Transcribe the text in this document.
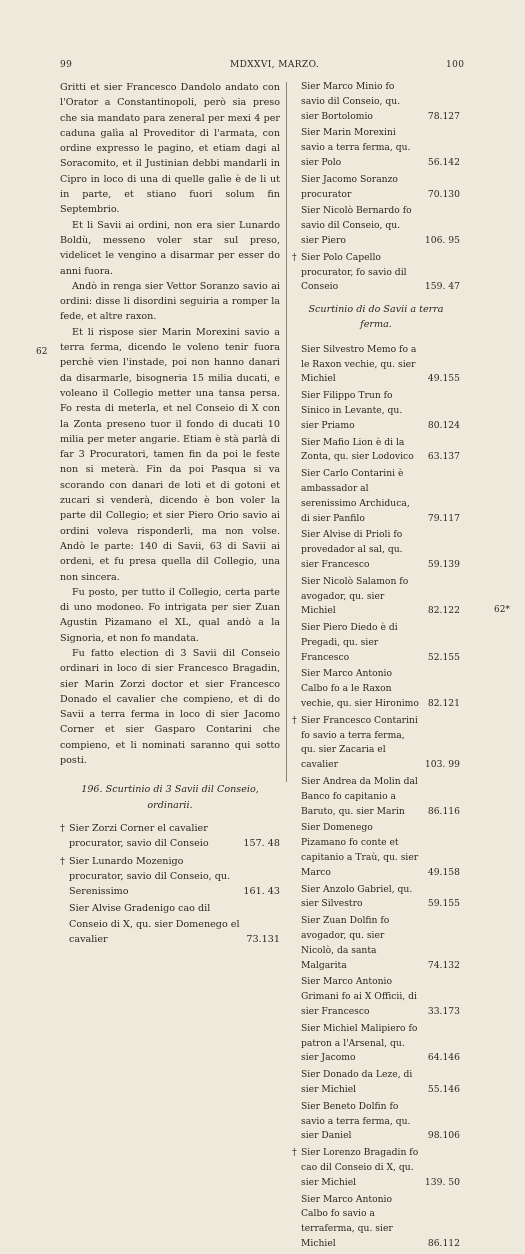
99	MDXXVI, MARZO.	100
62
62*

Gritti et sier Francesco Dandolo andato con l'Orator a Constantinopoli, però sia preso che sia mandato para zeneral per mexi 4 per caduna galìa al Proveditor di l'armata, con ordine expresso le pagino, et etiam dagi al Soracomito, et il Justinian debbi mandarli in Cipro in loco di una di quelle galìe è de li ut in parte, et stiano fuori solum fin Septembrio.

Et li Savii ai ordini, non era sier Lunardo Boldù, messeno voler star sul preso, videlicet le vengino a disarmar per esser do anni fuora.

Andò in renga sier Vettor Soranzo savio ai ordini: disse li disordini seguiria a romper la fede, et altre raxon.

Et li rispose sier Marin Morexini savio a terra ferma, dicendo le voleno tenir fuora perchè vien l'instade, poi non hanno danari da disarmarle, bisogneria 15 milia ducati, e voleano il Collegio metter una tansa persa. Fo resta di meterla, et nel Conseio di X con la Zonta preseno tuor il fondo di ducati 10 milia per meter angarie. Etiam è stà parlà di far 3 Procuratori, tamen fin da poi le feste non si meterà. Fin da poi Pasqua si va scorando con danari de loti et di gotoni et zucari si venderà, dicendo è bon voler la parte dil Collegio; et sier Piero Orio savio ai ordini voleva risponderli, ma non volse. Andò le parte: 140 di Savii, 63 di Savii ai ordeni, et fu presa quella dil Collegio, una non sincera.

Fu posto, per tutto il Collegio, certa parte di uno modoneo. Fo intrigata per sier Zuan Agustin Pizamano el XL, qual andò a la Signoria, et non fo mandata.

Fu fatto election di 3 Savii dil Conseio ordinari in loco di sier Francesco Bragadin, sier Marin Zorzi doctor et sier Francesco Donado el cavalier che compieno, et di do Savii a terra ferma in loco di sier Jacomo Corner et sier Gasparo Contarini che compieno, et li nominati saranno qui sotto posti.

196. Scurtinio di 3 Savii dil Conseio, ordinarii.
† Sier Zorzi Corner el cavalier procurator, savio dil Conseio	157. 48
† Sier Lunardo Mozenigo procurator, savio dil Conseio, qu. Serenissimo	161. 43
Sier Alvise Gradenigo cao dil Conseio di X, qu. sier Domenego el cavalier	73.131
Sier Marco Minio fo savio dil Conseio, qu. sier Bortolomio	78.127
Sier Marin Morexini savio a terra ferma, qu. sier Polo	56.142
Sier Jacomo Soranzo procurator	70.130
Sier Nicolò Bernardo fo savio dil Conseio, qu. sier Piero	106. 95
† Sier Polo Capello procurator, fo savio dil Conseio	159. 47
Scurtinio di do Savii a terra ferma.
Sier Silvestro Memo fo a le Raxon vechie, qu. sier Michiel	49.155
Sier Filippo Trun fo Sinico in Levante, qu. sier Priamo	80.124
Sier Mafio Lion è di la Zonta, qu. sier Lodovico	63.137
Sier Carlo Contarini è ambassador al serenissimo Archiduca, di sier Panfilo	79.117
Sier Alvise di Prioli fo provedador al sal, qu. sier Francesco	59.139
Sier Nicolò Salamon fo avogador, qu. sier Michiel	82.122
Sier Piero Diedo è di Pregadi, qu. sier Francesco	52.155
Sier Marco Antonio Calbo fo a le Raxon vechie, qu. sier Hironimo 82.121
† Sier Francesco Contarini fo savio a terra ferma, qu. sier Zacaria el cavalier	103. 99
Sier Andrea da Molin dal Banco fo capitanio a Baruto, qu. sier Marin	86.116
Sier Domenego Pizamano fo conte et capitanio a Traù, qu. sier Marco	49.158
Sier Anzolo Gabriel, qu. sier Silvestro	59.155
Sier Zuan Dolfin fo avogador, qu. sier Nicolò, da santa Malgarita	74.132
Sier Marco Antonio Grimani fo ai X Officii, di sier Francesco	33.173
Sier Michiel Malipiero fo patron a l'Arsenal, qu. sier Jacomo	64.146
Sier Donado da Leze, di sier Michiel	55.146
Sier Beneto Dolfin fo savio a terra ferma, qu. sier Daniel	98.106
† Sier Lorenzo Bragadin fo cao dil Conseio di X, qu. sier Michiel	139. 50
Sier Marco Antonio Calbo fo savio a terraferma, qu. sier Michiel	86.112
